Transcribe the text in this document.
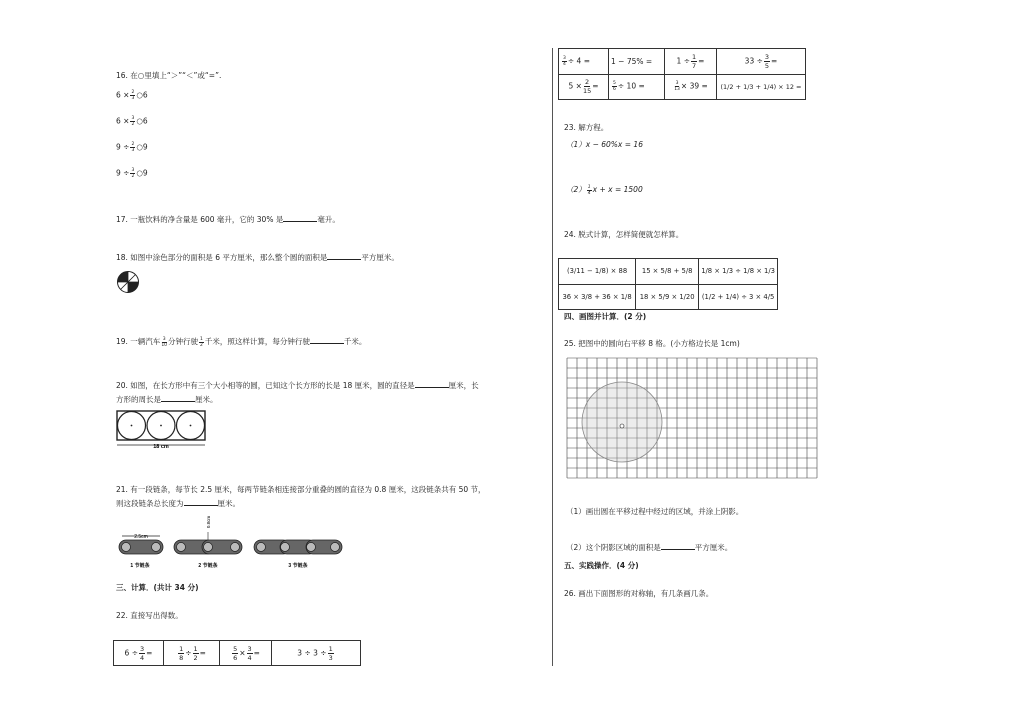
16. 在○里填上“＞”“＜”或“=”.
$6 \times \frac{2}{3}$ ○6
$6 \times \frac{3}{2}$ ○6
$9 \div \frac{2}{3}$ ○9
$9 \div \frac{3}{2}$ ○9
17. 一瓶饮料的净含量是 600 毫升，它的 30% 是	毫升。
18. 如图中涂色部分的面积是 6 平方厘米，那么整个圆的面积是	平方厘米。
19. 一辆汽车 $\frac{3}{10}$ 分钟行驶 $\frac{1}{2}$ 千米，照这样计算，每分钟行驶	千米。
20. 如图，在长方形中有三个大小相等的圆，已知这个长方形的长是 18 厘米，圆的直径是	厘米，长
方形的周长是	厘米。
18 cm
21. 有一段链条，每节长 2.5 厘米，每两节链条相连接部分重叠的圆的直径为 0.8 厘米，这段链条共有 50 节，
则这段链条总长度为	厘米。
2.5cm
1 节链条
0.8cm
2 节链条	3 节链条
三、计算．(共计 34 分)
22. 直接写出得数。
$6 \div \frac{3}{4}$ =	$\frac{1}{8} \div \frac{1}{2}$ =	$\frac{5}{6} \times \frac{3}{4}$ =	$3 \div 3 \div \frac{1}{3}$
$\frac{3}{4} \div 4$ =	1 − 75% =	$1 \div \frac{1}{7}$ =	$33 \div \frac{3}{5}$ =
$5 \times \frac{2}{15}$ =	$\frac{5}{6} \div 10$ =	$\frac{3}{13} \times 39$ =	(1/2 + 1/3 + 1/4) × 12 =
23. 解方程。
（1）x − 60%x = 16
$(2) \frac{1}{4}$ x + x = 1500
24. 脱式计算，怎样简便就怎样算。
(3/11 − 1/8) × 88	15 × 5/8 + 5/8	1/8 × 1/3 ÷ 1/8 × 1/3
36 × 3/8 + 36 × 1/8	18 × 5/9 × 1/20	(1/2 + 1/4) ÷ 3 × 4/5
四、画图并计算．(2 分)
25. 把图中的圆向右平移 8 格。(小方格边长是 1cm)
（1）画出圆在平移过程中经过的区域，并涂上阴影。
（2）这个阴影区域的面积是	平方厘米。
五、实践操作．(4 分)
26. 画出下面图形的对称轴，有几条画几条。
